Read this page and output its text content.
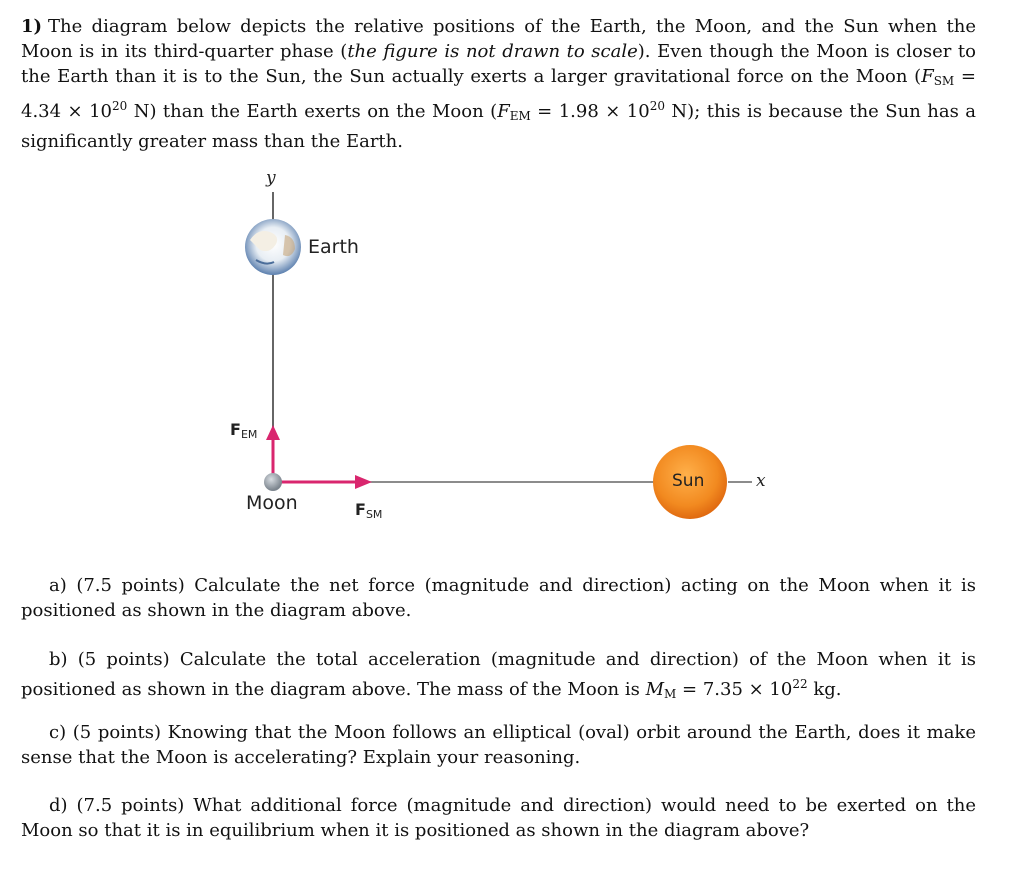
1) The diagram below depicts the relative positions of the Earth, the Moon, and the Sun when the Moon is in its third-quarter phase (the figure is not drawn to scale). Even though the Moon is closer to the Earth than it is to the Sun, the Sun actually exerts a larger gravitational force on the Moon ($F_{SM} = 4.34 \times 10^{20}$ N) than the Earth exerts on the Moon ($F_{EM} = 1.98 \times 10^{20}$ N); this is because the Sun has a significantly greater mass than the Earth.

y
x
Earth
Moon
Sun
FEM
FSM

a) (7.5 points) Calculate the net force (magnitude and direction) acting on the Moon when it is positioned as shown in the diagram above.

b) (5 points) Calculate the total acceleration (magnitude and direction) of the Moon when it is positioned as shown in the diagram above. The mass of the Moon is $M_M = 7.35 \times 10^{22}$ kg.

c) (5 points) Knowing that the Moon follows an elliptical (oval) orbit around the Earth, does it make sense that the Moon is accelerating? Explain your reasoning.

d) (7.5 points) What additional force (magnitude and direction) would need to be exerted on the Moon so that it is in equilibrium when it is positioned as shown in the diagram above?
